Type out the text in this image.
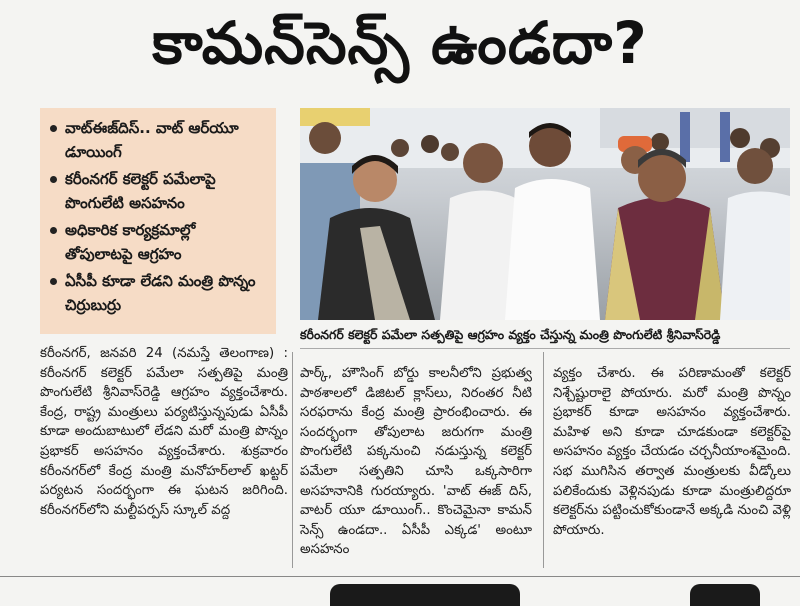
కామన్‌సెన్స్‌ ఉండదా?
వాట్‌ఈజ్‌దిస్‌.. వాట్‌ ఆర్‌యూ డూయింగ్‌
కరీంనగర్‌ కలెక్టర్‌ పమేలాపై పొంగులేటి అసహనం
అధికారిక కార్యక్రమాల్లో తోపులాటపై ఆగ్రహం
ఏసీపీ కూడా లేడని మంత్రి పొన్నం చిర్రుబుర్రు
కరీంనగర్‌ కలెక్టర్‌ పమేలా సత్పతిపై ఆగ్రహం వ్యక్తం చేస్తున్న మంత్రి పొంగులేటి శ్రీనివాస్‌రెడ్డి

కరీంనగర్‌, జనవరి 24 (నమస్తే తెలంగాణ) : కరీంనగర్‌ కలెక్టర్‌ పమేలా సత్పతిపై మంత్రి పొంగులేటి శ్రీనివాస్‌రెడ్డి ఆగ్రహం వ్యక్తంచేశారు. కేంద్ర, రాష్ట్ర మంత్రులు పర్యటిస్తున్నపుడు ఏసీపీ కూడా అందుబాటులో లేడని మరో మంత్రి పొన్నం ప్రభాకర్‌ అసహనం వ్యక్తంచేశారు. శుక్రవారం కరీంనగర్‌లో కేంద్ర మంత్రి మనోహర్‌లాల్‌ ఖట్టర్‌ పర్యటన సందర్భంగా ఈ ఘటన జరిగింది. కరీంనగర్‌లోని మల్టీపర్పస్‌ స్కూల్‌ వద్ద

పార్క్‌, హౌసింగ్‌ బోర్డు కాలనీలోని ప్రభుత్వ పాఠశాలలో డిజిటల్‌ క్లాస్‌లు, నిరంతర నీటి సరఫరాను కేంద్ర మంత్రి ప్రారంభించారు. ఈ సందర్భంగా తోపులాట జరుగగా మంత్రి పొంగులేటి పక్కనుంచి నడుస్తున్న కలెక్టర్‌ పమేలా సత్పతిని చూసి ఒక్కసారిగా అసహనానికి గురయ్యారు. 'వాట్‌ ఈజ్‌ దిస్‌, వాటర్‌ యూ డూయింగ్‌.. కొంచెమైనా కామన్‌ సెన్స్‌ ఉండదా.. ఏసీపీ ఎక్కడ' అంటూ అసహనం

వ్యక్తం చేశారు. ఈ పరిణామంతో కలెక్టర్‌ నిశ్చేష్టురాలై పోయారు. మరో మంత్రి పొన్నం ప్రభాకర్‌ కూడా అసహనం వ్యక్తంచేశారు. మహిళ అని కూడా చూడకుండా కలెక్టర్‌పై అసహనం వ్యక్తం చేయడం చర్చనీయాంశమైంది. సభ ముగిసిన తర్వాత మంత్రులకు వీడ్కోలు పలికేందుకు వెళ్లినపుడు కూడా మంత్రులిద్దరూ కలెక్టర్‌ను పట్టించుకోకుండానే అక్కడి నుంచి వెళ్లి పోయారు.
